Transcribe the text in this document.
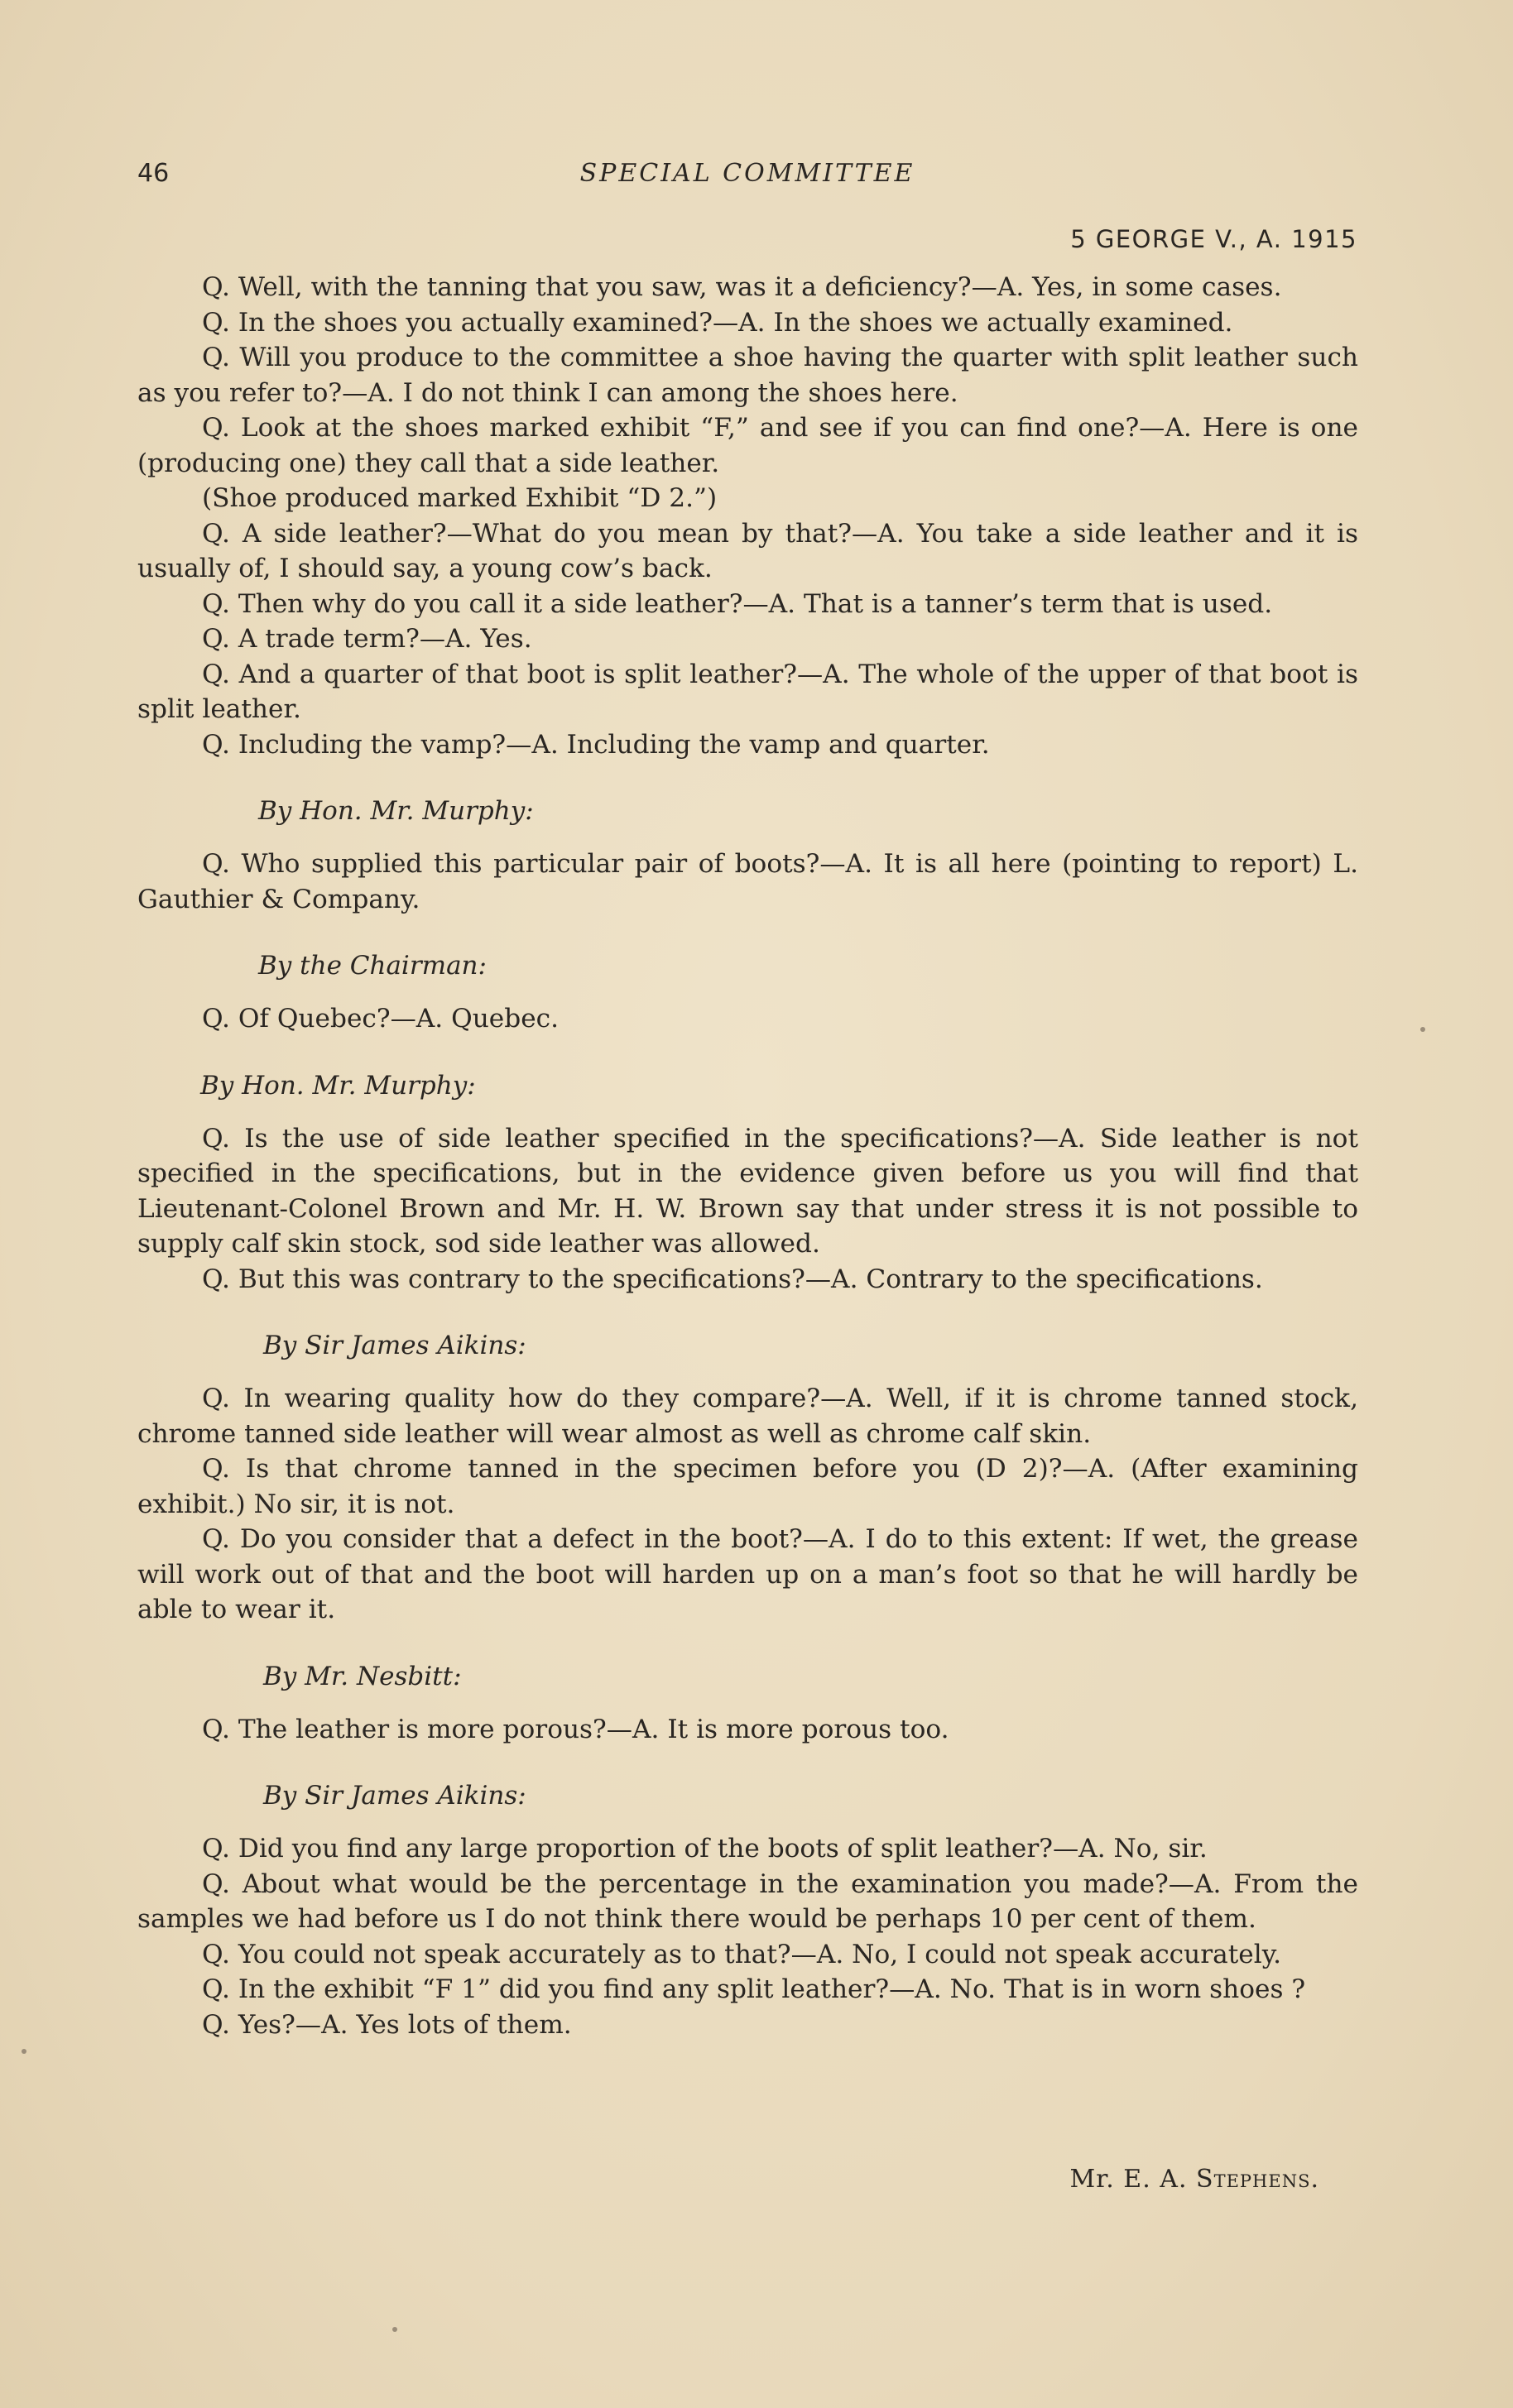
46	SPECIAL COMMITTEE
5 GEORGE V., A. 1915

Q. Well, with the tanning that you saw, was it a deficiency?—A. Yes, in some cases.

Q. In the shoes you actually examined?—A. In the shoes we actually examined.

Q. Will you produce to the committee a shoe having the quarter with split leather such as you refer to?—A. I do not think I can among the shoes here.

Q. Look at the shoes marked exhibit “F,” and see if you can find one?—A. Here is one (producing one) they call that a side leather.

(Shoe produced marked Exhibit “D 2.”)

Q. A side leather?—What do you mean by that?—A. You take a side leather and it is usually of, I should say, a young cow’s back.

Q. Then why do you call it a side leather?—A. That is a tanner’s term that is used.

Q. A trade term?—A. Yes.

Q. And a quarter of that boot is split leather?—A. The whole of the upper of that boot is split leather.

Q. Including the vamp?—A. Including the vamp and quarter.

By Hon. Mr. Murphy:

Q. Who supplied this particular pair of boots?—A. It is all here (pointing to report) L. Gauthier & Company.

By the Chairman:

Q. Of Quebec?—A. Quebec.

By Hon. Mr. Murphy:

Q. Is the use of side leather specified in the specifications?—A. Side leather is not specified in the specifications, but in the evidence given before us you will find that Lieutenant-Colonel Brown and Mr. H. W. Brown say that under stress it is not possible to supply calf skin stock, sod side leather was allowed.

Q. But this was contrary to the specifications?—A. Contrary to the specifications.

By Sir James Aikins:

Q. In wearing quality how do they compare?—A. Well, if it is chrome tanned stock, chrome tanned side leather will wear almost as well as chrome calf skin.

Q. Is that chrome tanned in the specimen before you (D 2)?—A. (After examining exhibit.) No sir, it is not.

Q. Do you consider that a defect in the boot?—A. I do to this extent: If wet, the grease will work out of that and the boot will harden up on a man’s foot so that he will hardly be able to wear it.

By Mr. Nesbitt:

Q. The leather is more porous?—A. It is more porous too.

By Sir James Aikins:

Q. Did you find any large proportion of the boots of split leather?—A. No, sir.

Q. About what would be the percentage in the examination you made?—A. From the samples we had before us I do not think there would be perhaps 10 per cent of them.

Q. You could not speak accurately as to that?—A. No, I could not speak accurately.

Q. In the exhibit “F 1” did you find any split leather?—A. No. That is in worn shoes ?

Q. Yes?—A. Yes lots of them.

Mr. E. A. Stephens.
